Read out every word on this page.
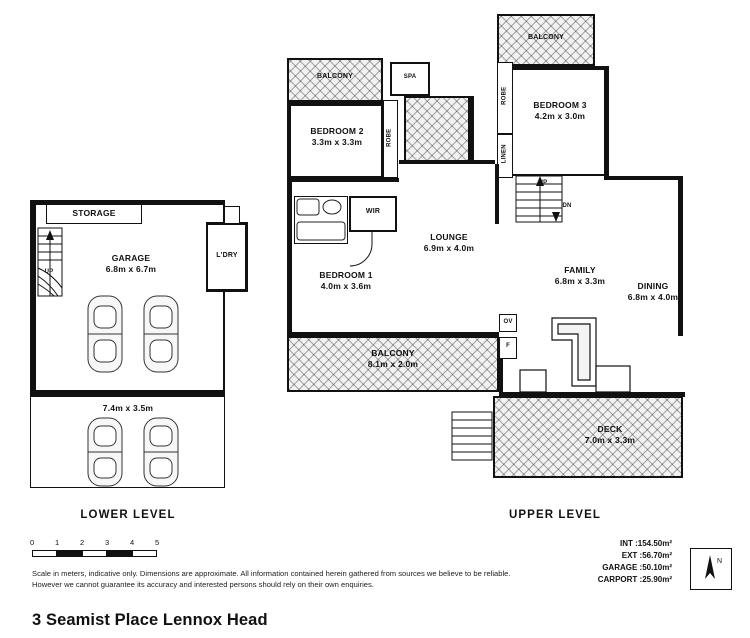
STORAGE
L'DRY
UP
GARAGE
6.8m x 6.7m
7.4m x 3.5m
LOWER LEVEL
BALCONY
BEDROOM 3
4.2m x 3.0m
ROBE
LINEN
BALCONY	SPA
BEDROOM 2
3.3m x 3.3m	ROBE
WIR
LOUNGE
6.9m x 4.0m
BEDROOM 1
4.0m x 3.6m
FAMILY
6.8m x 3.3m
DINING
6.8m x 4.0m
UP
DN
OV
F
BALCONY
8.1m x 2.0m
DECK
7.0m x 3.3m
UPPER LEVEL
0	1	2	3	4	5
Scale in meters, indicative only. Dimensions are approximate. All information contained herein gathered from sources we believe to be reliable. However we cannot guarantee its accuracy and interested persons should rely on their own enquiries.
INT :154.50m²
EXT :56.70m²
GARAGE :50.10m²
CARPORT :25.90m²
N
3 Seamist Place Lennox Head
